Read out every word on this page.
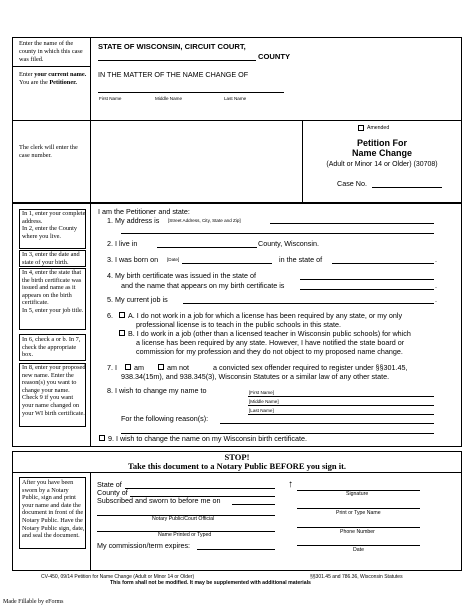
Enter the name of the county in which this case was filed.
Enter your current name. You are the Petitioner.
The clerk will enter the case number.
STATE OF WISCONSIN, CIRCUIT COURT,
COUNTY
IN THE MATTER OF THE NAME CHANGE OF
First Name	Middle Name	Last Name
Amended
Petition For
Name Change
(Adult or Minor 14 or Older) (30708)
Case No.
In 1, enter your complete address.
In 2, enter the County where you live.
In 3, enter the date and state of your birth.
In 4, enter the state that the birth certificate was issued and name as it appears on the birth certificate.
In 5, enter your job title.
In 6, check a or b. In 7, check the appropriate box.
In 8, enter your proposed new name. Enter the reason(s) you want to change your name.
Check 9 if you want your name changed on your WI birth certificate.
I am the Petitioner and state:
1. My address is [Street Address, City, State and Zip]
2. I live in	County, Wisconsin.
3. I was born on [Date]	in the state of	.
4. My birth certificate was issued in the state of
and the name that appears on my birth certificate is	.
5. My current job is	.
6. A. I do not work in a job for which a license has been required by any state, or my only
professional license is to teach in the public schools in this state.
B. I do work in a job (other than a licensed teacher in Wisconsin public schools) for which
a license has been required by any state. However, I have notified the state board or
commission for my profession and they do not object to my proposed name change.
7. I am	am not	a convicted sex offender required to register under §§301.45,
938.34(15m), and 938.345(3), Wisconsin Statutes or a similar law of any other state.
8. I wish to change my name to	[First Name]
[Middle Name]
[Last Name]
For the following reason(s):
9. I wish to change the name on my Wisconsin birth certificate.
STOP!
Take this document to a Notary Public BEFORE you sign it.
After you have been sworn by a Notary Public, sign and print your name and date the document in front of the Notary Public. Have the Notary Public sign, date, and seal the document.
State of
County of
Subscribed and sworn to before me on
Notary Public/Court Official
Name Printed or Typed
My commission/term expires:
↑
Signature
Print or Type Name
Phone Number
Date
CV-450, 09/14 Petition for Name Change (Adult or Minor 14 or Older)	§§301.45 and 786.36, Wisconsin Statutes
This form shall not be modified. It may be supplemented with additional materials
Made Fillable by eForms
